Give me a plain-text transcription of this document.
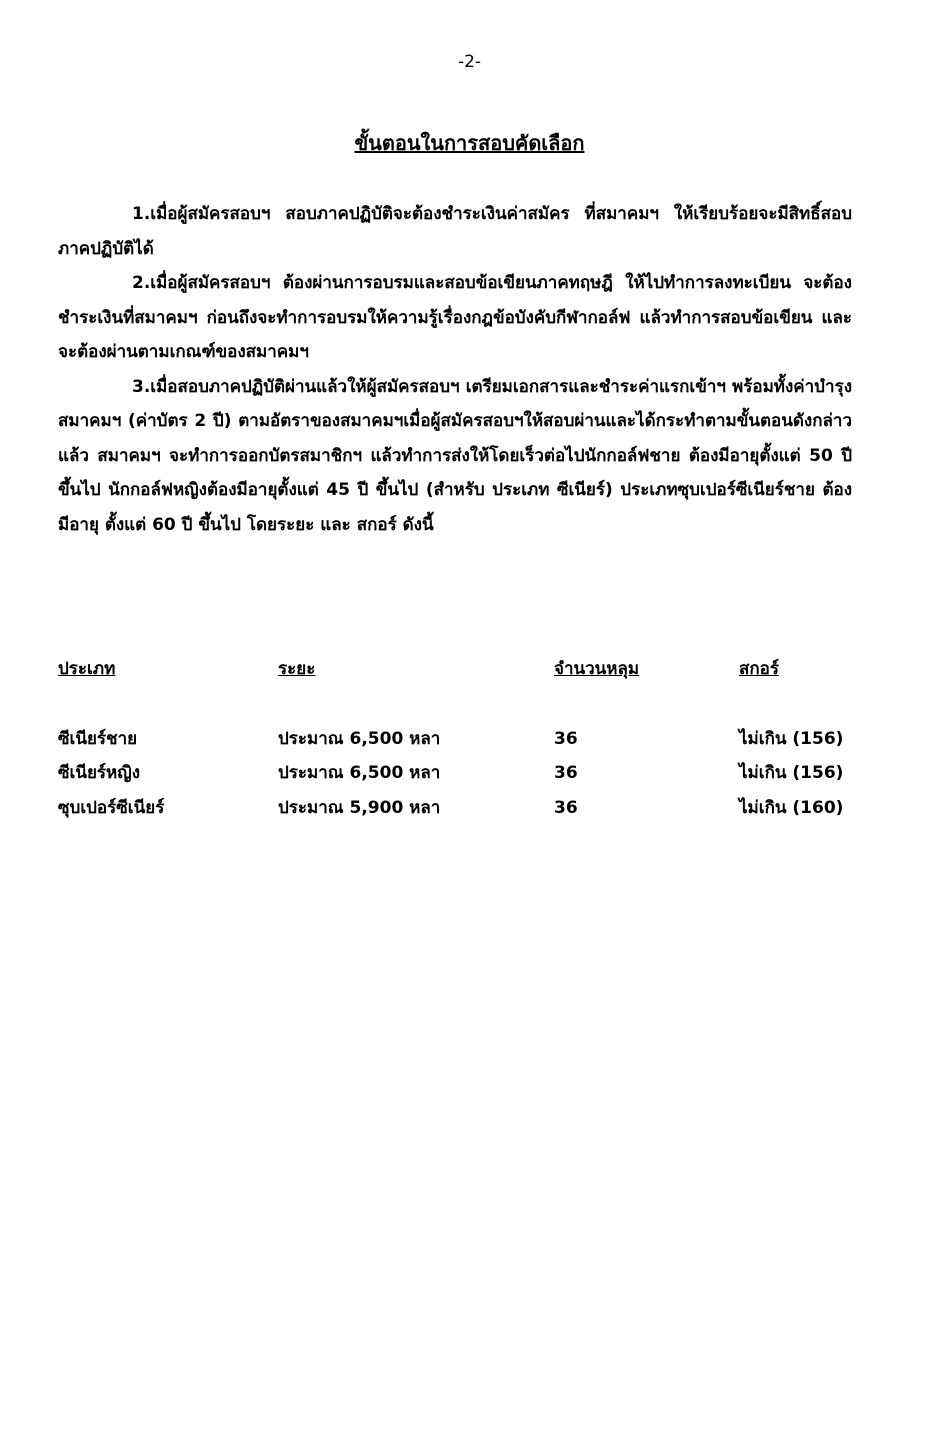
-2-
ขั้นตอนในการสอบคัดเลือก

1.เมื่อผู้สมัครสอบฯ สอบภาคปฏิบัติจะต้องชำระเงินค่าสมัคร ที่สมาคมฯ ให้เรียบร้อยจะมีสิทธิ์สอบภาคปฏิบัติได้

2.เมื่อผู้สมัครสอบฯ ต้องผ่านการอบรมและสอบข้อเขียนภาคทฤษฎี ให้ไปทำการลงทะเบียน จะต้องชำระเงินที่สมาคมฯ ก่อนถึงจะทำการอบรมให้ความรู้เรื่องกฎข้อบังคับกีฬากอล์ฟ แล้วทำการสอบข้อเขียน และ จะต้องผ่านตามเกณฑ์ของสมาคมฯ

3.เมื่อสอบภาคปฏิบัติผ่านแล้วให้ผู้สมัครสอบฯ เตรียมเอกสารและชำระค่าแรกเข้าฯ พร้อมทั้งค่าบำรุงสมาคมฯ (ค่าบัตร 2 ปี) ตามอัตราของสมาคมฯเมื่อผู้สมัครสอบฯให้สอบผ่านและได้กระทำตามขั้นตอนดังกล่าวแล้ว สมาคมฯ จะทำการออกบัตรสมาชิกฯ แล้วทำการส่งให้โดยเร็วต่อไปนักกอล์ฟชาย ต้องมีอายุตั้งแต่ 50 ปี ขึ้นไป นักกอล์ฟหญิงต้องมีอายุตั้งแต่ 45 ปี ขึ้นไป (สำหรับ ประเภท ซีเนียร์) ประเภทซุบเปอร์ซีเนียร์ชาย ต้องมีอายุ ตั้งแต่ 60 ปี ขึ้นไป โดยระยะ และ สกอร์ ดังนี้

ประเภท	ระยะ	จำนวนหลุม	สกอร์
ซีเนียร์ชาย	ประมาณ 6,500 หลา	36	ไม่เกิน (156)
ซีเนียร์หญิง	ประมาณ 6,500 หลา	36	ไม่เกิน (156)
ซุบเปอร์ซีเนียร์	ประมาณ 5,900 หลา	36	ไม่เกิน (160)
